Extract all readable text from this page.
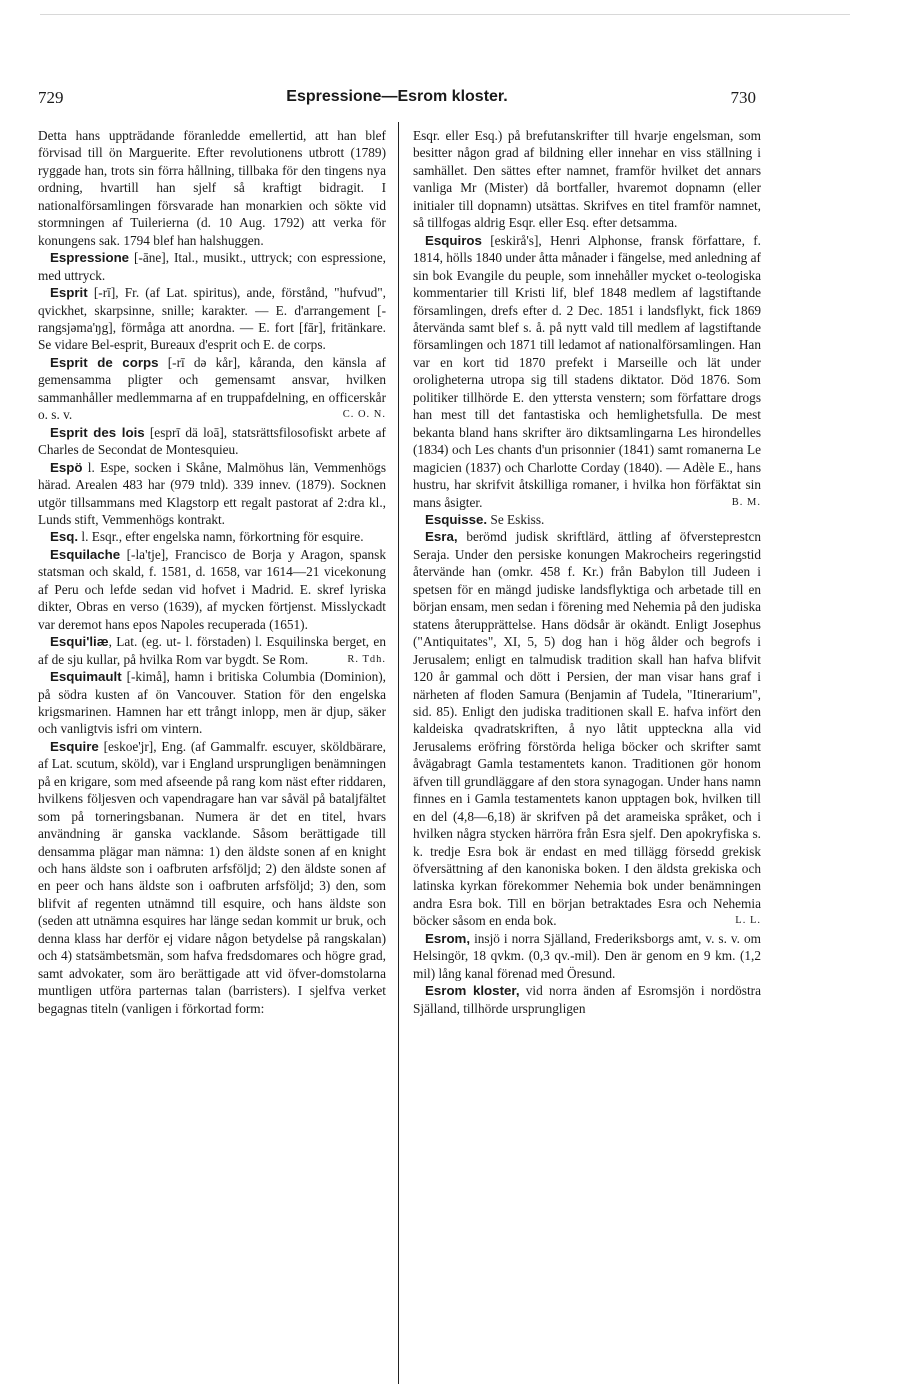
729	Espressione—Esrom kloster.	730

Detta hans uppträdande föranledde emellertid, att han blef förvisad till ön Marguerite. Efter revolutionens utbrott (1789) ryggade han, trots sin förra hållning, tillbaka för den tingens nya ordning, hvartill han sjelf så kraftigt bidragit. I nationalförsamlingen försvarade han monarkien och sökte vid stormningen af Tuilerierna (d. 10 Aug. 1792) att verka för konungens sak. 1794 blef han halshuggen.

Espressione [-āne], Ital., musikt., uttryck; con espressione, med uttryck.

Esprit [-rī], Fr. (af Lat. spiritus), ande, förstånd, "hufvud", qvickhet, skarpsinne, snille; karakter. — E. d'arrangement [-rangsjəma'ŋg], förmåga att anordna. — E. fort [fār], fritänkare. Se vidare Bel-esprit, Bureaux d'esprit och E. de corps.

Esprit de corps [-rī də kår], kåranda, den känsla af gemensamma pligter och gemensamt ansvar, hvilken sammanhåller medlemmarna af en truppafdelning, en officerskår o. s. v.	C. O. N.

Esprit des lois [esprī dä loā], statsrättsfilosofiskt arbete af Charles de Secondat de Montesquieu.

Espö l. Espe, socken i Skåne, Malmöhus län, Vemmenhögs härad. Arealen 483 har (979 tnld). 339 innev. (1879). Socknen utgör tillsammans med Klagstorp ett regalt pastorat af 2:dra kl., Lunds stift, Vemmenhögs kontrakt.

Esq. l. Esqr., efter engelska namn, förkortning för esquire.

Esquilache [-la'tje], Francisco de Borja y Aragon, spansk statsman och skald, f. 1581, d. 1658, var 1614—21 vicekonung af Peru och lefde sedan vid hofvet i Madrid. E. skref lyriska dikter, Obras en verso (1639), af mycken förtjenst. Misslyckadt var deremot hans epos Napoles recuperada (1651).

Esqui'liæ, Lat. (eg. ut- l. förstaden) l. Esquilinska berget, en af de sju kullar, på hvilka Rom var bygdt. Se Rom.	R. Tdh.

Esquimault [-kimå], hamn i britiska Columbia (Dominion), på södra kusten af ön Vancouver. Station för den engelska krigsmarinen. Hamnen har ett trångt inlopp, men är djup, säker och vanligtvis isfri om vintern.

Esquire [eskoe'jr], Eng. (af Gammalfr. escuyer, sköldbärare, af Lat. scutum, sköld), var i England ursprungligen benämningen på en krigare, som med afseende på rang kom näst efter riddaren, hvilkens följesven och vapendragare han var såväl på bataljfältet som på torneringsbanan. Numera är det en titel, hvars användning är ganska vacklande. Såsom berättigade till densamma plägar man nämna: 1) den äldste sonen af en knight och hans äldste son i oafbruten arfsföljd; 2) den äldste sonen af en peer och hans äldste son i oafbruten arfsföljd; 3) den, som blifvit af regenten utnämnd till esquire, och hans äldste son (seden att utnämna esquires har länge sedan kommit ur bruk, och denna klass har derför ej vidare någon betydelse på rangskalan) och 4) statsämbetsmän, som hafva fredsdomares och högre grad, samt advokater, som äro berättigade att vid öfver-domstolarna muntligen utföra parternas talan (barristers). I sjelfva verket begagnas titeln (vanligen i förkortad form:

Esqr. eller Esq.) på brefutanskrifter till hvarje engelsman, som besitter någon grad af bildning eller innehar en viss ställning i samhället. Den sättes efter namnet, framför hvilket det annars vanliga Mr (Mister) då bortfaller, hvaremot dopnamn (eller initialer till dopnamn) utsättas. Skrifves en titel framför namnet, så tillfogas aldrig Esqr. eller Esq. efter detsamma.

Esquiros [eskirå's], Henri Alphonse, fransk författare, f. 1814, hölls 1840 under åtta månader i fängelse, med anledning af sin bok Evangile du peuple, som innehåller mycket o-teologiska kommentarier till Kristi lif, blef 1848 medlem af lagstiftande församlingen, drefs efter d. 2 Dec. 1851 i landsflykt, fick 1869 återvända samt blef s. å. på nytt vald till medlem af lagstiftande församlingen och 1871 till ledamot af nationalförsamlingen. Han var en kort tid 1870 prefekt i Marseille och lät under oroligheterna utropa sig till stadens diktator. Död 1876. Som politiker tillhörde E. den yttersta venstern; som författare drogs han mest till det fantastiska och hemlighetsfulla. De mest bekanta bland hans skrifter äro diktsamlingarna Les hirondelles (1834) och Les chants d'un prisonnier (1841) samt romanerna Le magicien (1837) och Charlotte Corday (1840). — Adèle E., hans hustru, har skrifvit åtskilliga romaner, i hvilka hon förfäktat sin mans åsigter.	B. M.

Esquisse. Se Eskiss.

Esra, berömd judisk skriftlärd, ättling af öfversteprestcn Seraja. Under den persiske konungen Makrocheirs regeringstid återvände han (omkr. 458 f. Kr.) från Babylon till Judeen i spetsen för en mängd judiske landsflyktiga och arbetade till en början ensam, men sedan i förening med Nehemia på den judiska statens återupprättelse. Hans dödsår är okändt. Enligt Josephus ("Antiquitates", XI, 5, 5) dog han i hög ålder och begrofs i Jerusalem; enligt en talmudisk tradition skall han hafva blifvit 120 år gammal och dött i Persien, der man visar hans graf i närheten af floden Samura (Benjamin af Tudela, "Itinerarium", sid. 85). Enligt den judiska traditionen skall E. hafva infört den kaldeiska qvadratskriften, å nyo låtit uppteckna alla vid Jerusalems eröfring förstörda heliga böcker och skrifter samt åvägabragt Gamla testamentets kanon. Traditionen gör honom äfven till grundläggare af den stora synagogan. Under hans namn finnes en i Gamla testamentets kanon upptagen bok, hvilken till en del (4,8—6,18) är skrifven på det arameiska språket, och i hvilken några stycken härröra från Esra sjelf. Den apokryfiska s. k. tredje Esra bok är endast en med tillägg försedd grekisk öfversättning af den kanoniska boken. I den äldsta grekiska och latinska kyrkan förekommer Nehemia bok under benämningen andra Esra bok. Till en början betraktades Esra och Nehemia böcker såsom en enda bok.	L. L.

Esrom, insjö i norra Själland, Frederiksborgs amt, v. s. v. om Helsingör, 18 qvkm. (0,3 qv.-mil). Den är genom en 9 km. (1,2 mil) lång kanal förenad med Öresund.

Esrom kloster, vid norra änden af Esromsjön i nordöstra Själland, tillhörde ursprungligen
